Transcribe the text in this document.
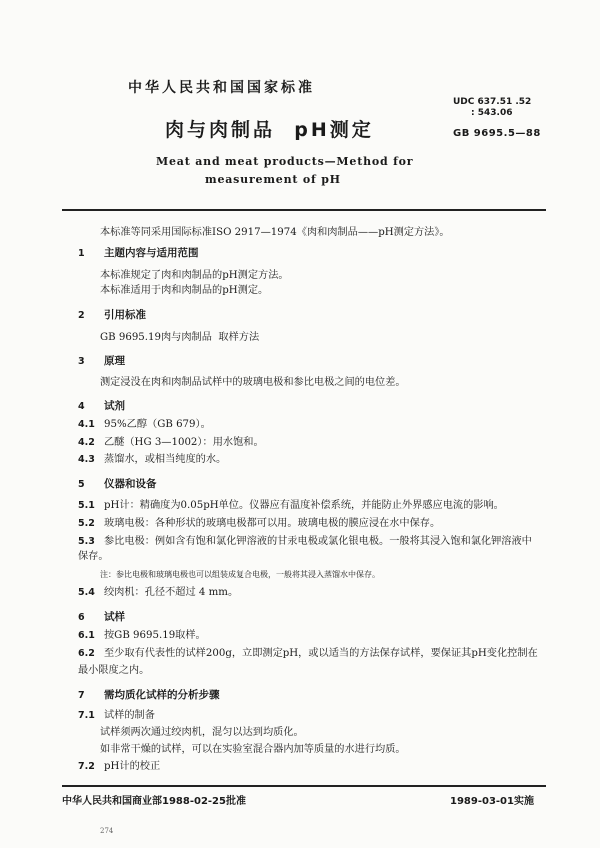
中华人民共和国国家标准
UDC 637.51 .52
: 543.06
肉与肉制品  pH测定	GB 9695.5—88
Meat and meat products—Method for
measurement of pH
本标准等同采用国际标准ISO 2917—1974《肉和肉制品——pH测定方法》。
1 主题内容与适用范围
本标准规定了肉和肉制品的pH测定方法。
本标准适用于肉和肉制品的pH测定。
2 引用标准
GB 9695.19肉与肉制品  取样方法
3 原理
测定浸没在肉和肉制品试样中的玻璃电极和参比电极之间的电位差。
4 试剂
4.1 95%乙醇（GB 679）。
4.2 乙醚（HG 3—1002）：用水饱和。
4.3 蒸馏水，或相当纯度的水。
5 仪器和设备
5.1 pH计：精确度为0.05pH单位。仪器应有温度补偿系统，并能防止外界感应电流的影响。
5.2 玻璃电极：各种形状的玻璃电极都可以用。玻璃电极的膜应浸在水中保存。
5.3 参比电极：例如含有饱和氯化钾溶液的甘汞电极或氯化银电极。一般将其浸入饱和氯化钾溶液中
保存。
注：参比电极和玻璃电极也可以组装成复合电极，一般将其浸入蒸馏水中保存。
5.4 绞肉机：孔径不超过 4 mm。
6 试样
6.1 按GB 9695.19取样。
6.2 至少取有代表性的试样200g，立即测定pH，或以适当的方法保存试样，要保证其pH变化控制在
最小限度之内。
7 需均质化试样的分析步骤
7.1 试样的制备
试样须两次通过绞肉机，混匀以达到均质化。
如非常干燥的试样，可以在实验室混合器内加等质量的水进行均质。
7.2 pH计的校正
中华人民共和国商业部1988-02-25批准	1989-03-01实施
274
